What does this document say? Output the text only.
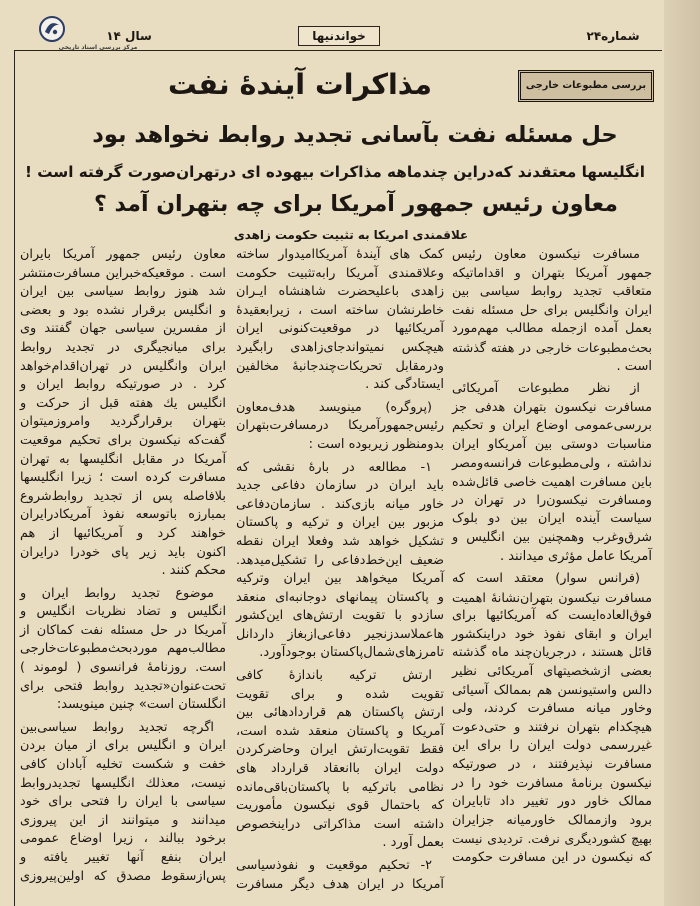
مرکز بررسی اسناد تاریخی
شماره۲۴
خواندنیها
سال ۱۴
بررسی مطبوعات خارجی
مذاکرات آیندهٔ نفت
حل مسئله نفت بآسانی تجدید روابط نخواهد بود
انگلیسها معتقدند که‌دراین چندماهه مذاکرات بیهوده ای درتهران‌صورت گرفته است !
معاون رئیس جمهور آمریکا برای چه بتهران آمد ؟
علاقمندی امریکا به تثبیت حکومت زاهدی
مسافرت نیکسون معاون رئیس
جمهور آمریکا بتهران و اقداماتیکه
متعاقب تجدید روابط سیاسی بین
ایران وانگلیس برای حل مسئله نفت
بعمل آمده ازجمله مطالب مهم‌مورد
بحث‌مطبوعات خارجی در هفته گذشته
است .
از نظر مطبوعات آمریکائی
مسافرت نیکسون بتهران هدفی جز
بررسی‌عمومی اوضاع ایران و تحکیم
مناسبات دوستی بین آمریکاو ایران
نداشته ، ولی‌مطبوعات فرانسه‌ومصر
باین مسافرت اهمیت خاصی قائل‌شده
ومسافرت نیکسون‌را در تهران در
سیاست آینده ایران بین دو بلوک
شرق‌وغرب وهمچنین بین انگلیس و
آمریکا عامل مؤثری میدانند .
(فرانس سوار) معتقد است که
مسافرت نیکسون بتهران‌نشانهٔ اهمیت
فوق‌العاده‌ایست که آمریکائیها برای
ایران و ابقای نفوذ خود دراینکشور
قائل هستند ، درجریان‌چند ماه گذشته
بعضی ازشخصیتهای آمریکائی نظیر
دالس واستیونسن هم بممالک آسیائی
وخاور میانه مسافرت کردند، ولی
هیچکدام بتهران نرفتند و حتی‌دعوت
غیررسمی دولت ایران را برای این
مسافرت نپذیرفتند ، در صورتیکه
نیکسون برنامهٔ مسافرت خود را در
ممالک خاور دور تغییر داد تابایران
برود وازممالک خاورمیانه جزایران
بهیچ کشوردیگری نرفت. تردیدی نیست
که نیکسون در این مسافرت حکومت
کمک های آیندهٔ آمریکاامیدوار ساخته
وعلاقمندی آمریکا رابه‌تثبیت حکومت
زاهدی باعلیحضرت شاهنشاه ایـران
خاطرنشان ساخته است ، زیرابعقیدهٔ
آمریکائیها در موقعیت‌کنونی ایران
هیچکس نمیتواندجای‌زاهدی رابگیرد
ودرمقابل تحریکات‌چندجانبهٔ مخالفین
ایستادگی کند .
(پروگره) مینویسد هدف‌معاون
رئیس‌جمهورآمریکا درمسافرت‌بتهران
بدومنظور زیربوده است :
۱- مطالعه در بارهٔ نقشی که
باید ایران در سازمان دفاعی جدید
خاور میانه بازی‌کند . سازمان‌دفاعی
مزبور بین ایران و ترکیه و پاکستان
تشکیل خواهد شد وفعلا ایران نقطه
ضعیف این‌خط‌دفاعی را تشکیل‌میدهد.
آمریکا میخواهد بین ایران وترکیه
و پاکستان پیمانهای دوجانبه‌ای منعقد
سازدو با تقویت ارتش‌های این‌کشور
هاعملاسدزنجیر دفاعی‌ازبغاز داردانل
تامرزهای‌شمال‌پاکستان بوجودآورد.
ارتش ترکیه باندازهٔ کافی
تقویت شده و برای تقویت
ارتش پاکستان هم قراردادهائی بین
آمریکا و پاکستان منعقد شده است،
فقط تقویت‌ارتش ایران وحاضرکردن
دولت ایران باانعقاد قرارداد های
نظامی باترکیه با پاکستان‌باقی‌مانده
که باحتمال قوی نیکسون مأموریت
داشته است مذاکراتی دراینخصوص
بعمل آورد .
۲- تحکیم موقعیت و نفوذسیاسی
آمریکا در ایران هدف دیگر مسافرت
معاون رئیس جمهور آمریکا بایران
است . موقعیکه‌خبراین مسافرت‌منتشر
شد هنوز روابط سیاسی بین ایران
و انگلیس برقرار نشده بود و بعضی
از مفسرین سیاسی جهان گفتند وی
برای میانجیگری در تجدید روابط
ایران وانگلیس در تهران‌اقدام‌خواهد
کرد . در صورتیکه روابط ایران و
انگلیس یك هفته قبل از حرکت و
بتهران برقرارگردید وامروزمیتوان
گفت‌که نیکسون برای تحکیم موقعیت
آمریکا در مقابل انگلیسها به تهران
مسافرت کرده است ؛ زیرا انگلیسها
بلافاصله پس از تجدید روابط‌شروع
بمبارزه باتوسعه نفوذ آمریکادرایران
خواهند کرد و آمریکائیها از هم
اکنون باید زیر پای خودرا درایران
محکم کنند .
موضوع تجدید روابط ایران و
انگلیس و تضاد نظریات انگلیس و
آمریکا در حل مسئله نفت کماکان از
مطالب‌مهم موردبحث‌مطبوعات‌خارجی
است. روزنامهٔ فرانسوی ( لوموند )
تحت‌عنوان«تجدید روابط فتحی برای
انگلستان است» چنین مینویسد:
اگرچه تجدید روابط سیاسی‌بین
ایران و انگلیس برای از میان بردن
خفت و شکست تخلیه آبادان کافی
نیست، معذلك انگلیسها تجدیدروابط
سیاسی با ایران را فتحی برای خود
میدانند و میتوانند از این پیروزی
برخود ببالند ، زیرا اوضاع عمومی
ایران بنفع آنها تغییر یافته و
پس‌ازسقوط مصدق که اولین‌پیروزی
